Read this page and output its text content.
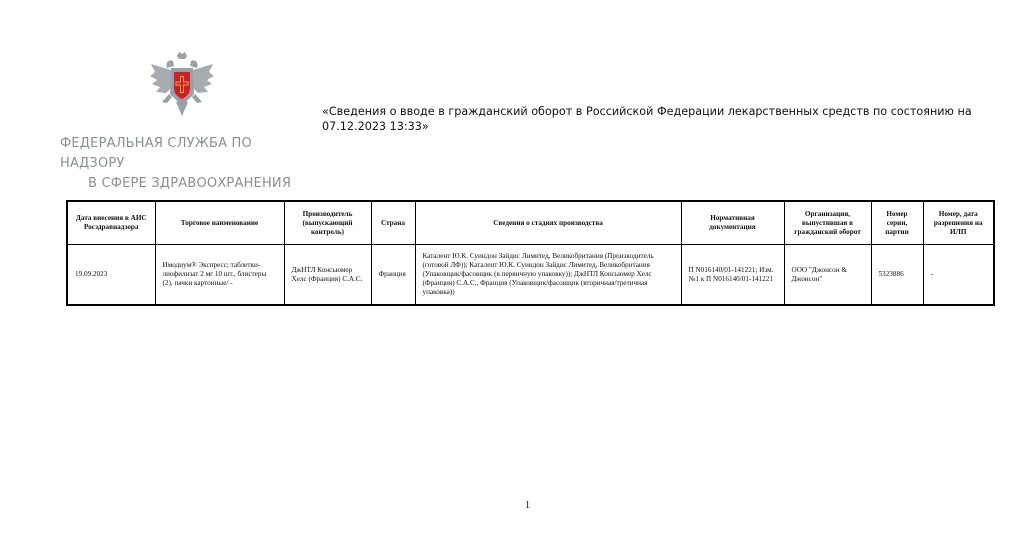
ФЕДЕРАЛЬНАЯ СЛУЖБА ПО НАДЗОРУ
В СФЕРЕ ЗДРАВООХРАНЕНИЯ
«Сведения о вводе в гражданский оборот в Российской Федерации лекарственных средств по состоянию на 07.12.2023 13:33»
Дата внесения в АИС Росздравнадзора	Торговое наименование	Производитель (выпускающий контроль)	Страна	Сведения о стадиях производства	Нормативная документация	Организация, выпустившая в гражданский оборот	Номер серии, партии	Номер, дата разрешения на ИЛП
19.09.2023	Имодиум® Экспресс; таблетки-лиофилизат 2 мг 10 шт., блистеры (2), пачки картонные/ -	ДжНТЛ Консьюмер Хелс (Франция) С.А.С.	Франция	Каталент Ю.К. Суиндон Зайдис Лимитед, Великобритания (Производитель (готовой ЛФ)); Каталент Ю.К. Суиндон Зайдис Лимитед, Великобритания (Упаковщик/фасовщик (в первичную упаковку)); ДжНТЛ Консьюмер Хелс (Франция) С.А.С., Франция (Упаковщик/фасовщик (вторичная/третичная упаковка))	П N016140/01-141221; Изм. №1 к П N016140/01-141221	ООО "Джонсон & Джонсон"	5323886	-
1
